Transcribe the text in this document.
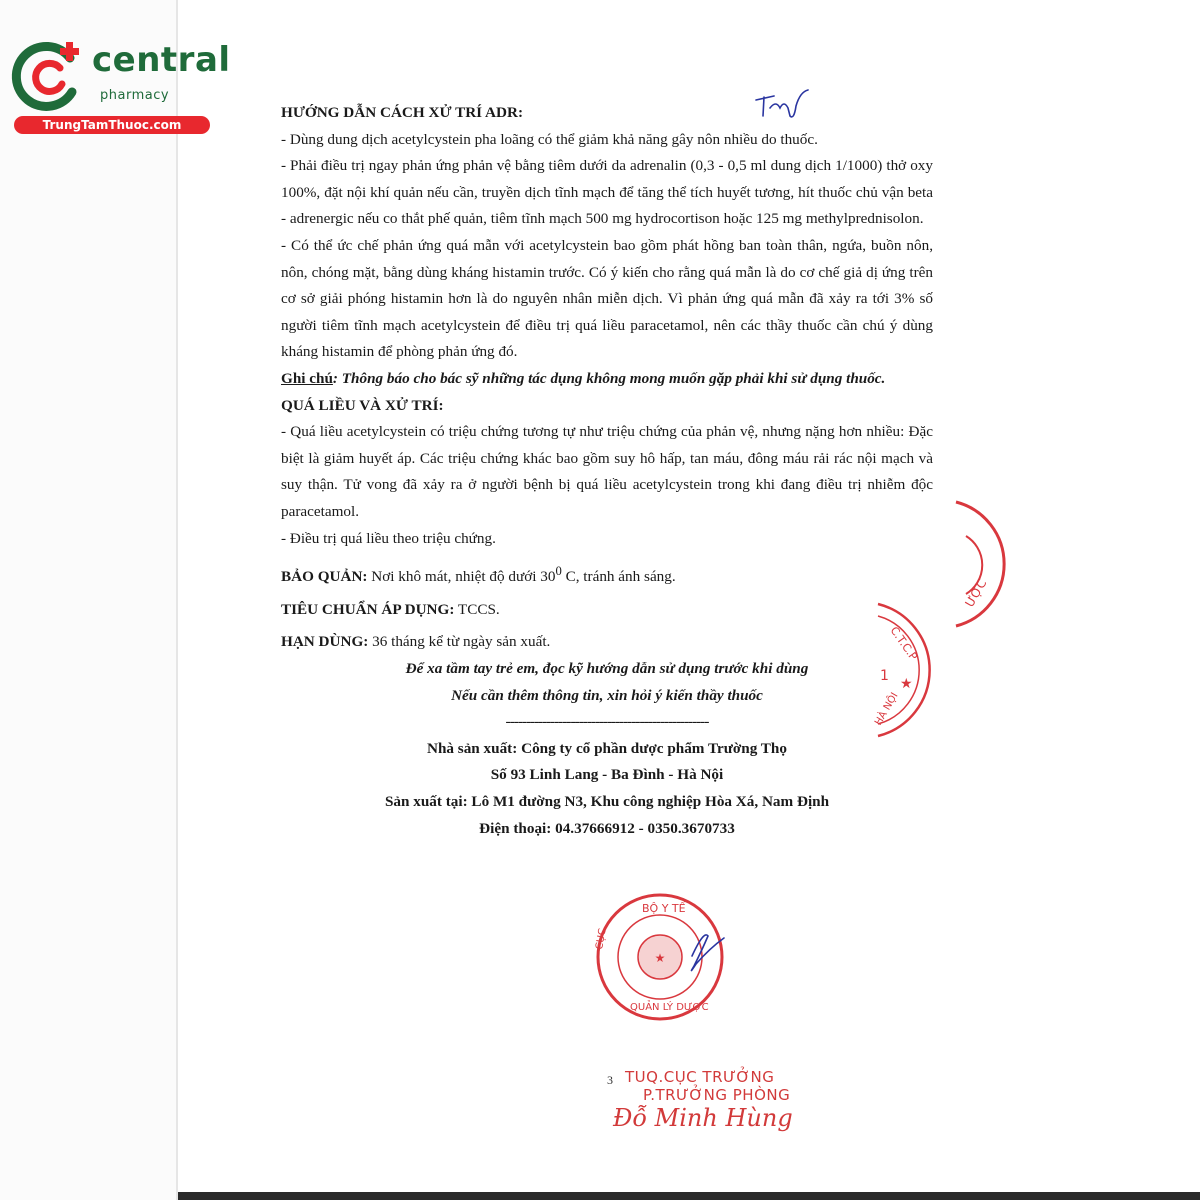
central
pharmacy
TrungTamThuoc.com

HƯỚNG DẪN CÁCH XỬ TRÍ ADR:

- Dùng dung dịch acetylcystein pha loãng có thể giảm khả năng gây nôn nhiều do thuốc.

- Phải điều trị ngay phản ứng phản vệ bằng tiêm dưới da adrenalin (0,3 - 0,5 ml dung dịch 1/1000) thở oxy 100%, đặt nội khí quản nếu cần, truyền dịch tĩnh mạch để tăng thể tích huyết tương, hít thuốc chủ vận beta - adrenergic nếu co thắt phế quản, tiêm tĩnh mạch 500 mg hydrocortison hoặc 125 mg methylprednisolon.

- Có thể ức chế phản ứng quá mẫn với acetylcystein bao gồm phát hồng ban toàn thân, ngứa, buồn nôn, nôn, chóng mặt, bằng dùng kháng histamin trước. Có ý kiến cho rằng quá mẫn là do cơ chế giả dị ứng trên cơ sở giải phóng histamin hơn là do nguyên nhân miễn dịch. Vì phản ứng quá mẫn đã xảy ra tới 3% số người tiêm tĩnh mạch acetylcystein để điều trị quá liều paracetamol, nên các thầy thuốc cần chú ý dùng kháng histamin để phòng phản ứng đó.

Ghi chú: Thông báo cho bác sỹ những tác dụng không mong muốn gặp phải khi sử dụng thuốc.

QUÁ LIỀU VÀ XỬ TRÍ:

- Quá liều acetylcystein có triệu chứng tương tự như triệu chứng của phản vệ, nhưng nặng hơn nhiều: Đặc biệt là giảm huyết áp. Các triệu chứng khác bao gồm suy hô hấp, tan máu, đông máu rải rác nội mạch và suy thận. Tử vong đã xảy ra ở người bệnh bị quá liều acetylcystein trong khi đang điều trị nhiễm độc paracetamol.

- Điều trị quá liều theo triệu chứng.

BẢO QUẢN: Nơi khô mát, nhiệt độ dưới $30^0$ C, tránh ánh sáng.

TIÊU CHUẨN ÁP DỤNG: TCCS.

HẠN DÙNG: 36 tháng kể từ ngày sản xuất.

Để xa tầm tay trẻ em, đọc kỹ hướng dẫn sử dụng trước khi dùng

Nếu cần thêm thông tin, xin hỏi ý kiến thầy thuốc

--------------------------------------------------

Nhà sản xuất: Công ty cổ phần dược phẩm Trường Thọ

Số 93 Linh Lang - Ba Đình - Hà Nội

Sản xuất tại: Lô M1 đường N3, Khu công nghiệp Hòa Xá, Nam Định

Điện thoại: 04.37666912 - 0350.3670733

ƯỢC
C.T.C.P
★
1
HÀ NỘI
★
BỘ Y TẾ
QUẢN LÝ DƯỢC
CỤC
3 TUQ.CỤC TRƯỞNG
P.TRƯỞNG PHÒNG
Đỗ Minh Hùng
